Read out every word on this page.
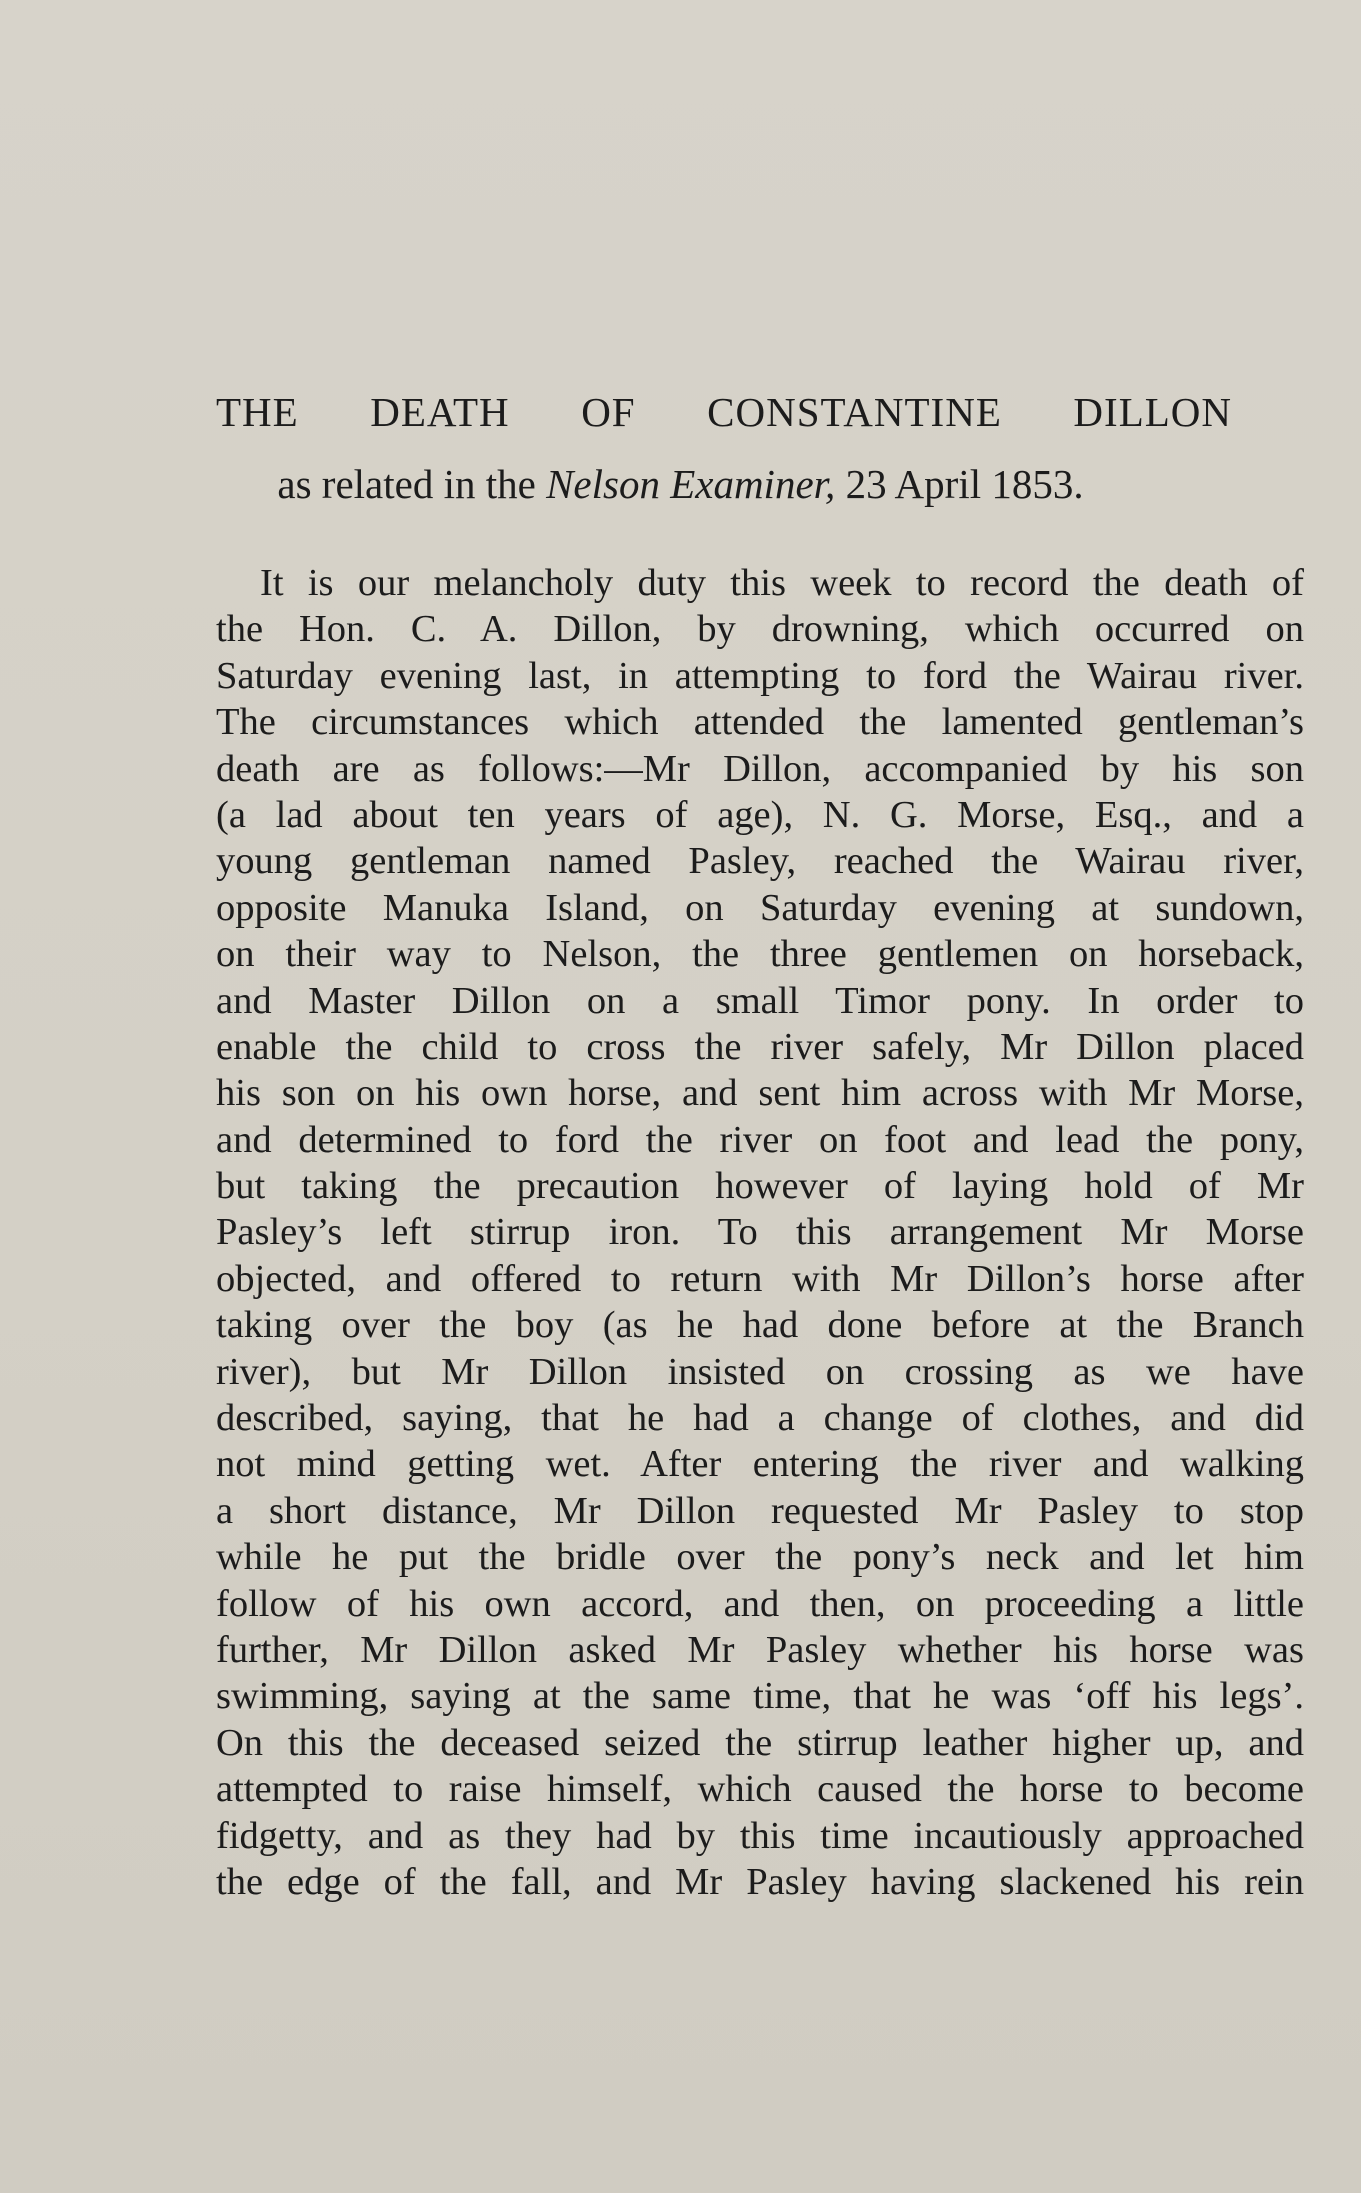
THE DEATH OF CONSTANTINE DILLON
as related in the Nelson Examiner, 23 April 1853.
It is our melancholy duty this week to record the death of
the Hon. C. A. Dillon, by drowning, which occurred on
Saturday evening last, in attempting to ford the Wairau river.
The circumstances which attended the lamented gentleman’s
death are as follows:—Mr Dillon, accompanied by his son
(a lad about ten years of age), N. G. Morse, Esq., and a
young gentleman named Pasley, reached the Wairau river,
opposite Manuka Island, on Saturday evening at sundown,
on their way to Nelson, the three gentlemen on horseback,
and Master Dillon on a small Timor pony. In order to
enable the child to cross the river safely, Mr Dillon placed
his son on his own horse, and sent him across with Mr Morse,
and determined to ford the river on foot and lead the pony,
but taking the precaution however of laying hold of Mr
Pasley’s left stirrup iron. To this arrangement Mr Morse
objected, and offered to return with Mr Dillon’s horse after
taking over the boy (as he had done before at the Branch
river), but Mr Dillon insisted on crossing as we have
described, saying, that he had a change of clothes, and did
not mind getting wet. After entering the river and walking
a short distance, Mr Dillon requested Mr Pasley to stop
while he put the bridle over the pony’s neck and let him
follow of his own accord, and then, on proceeding a little
further, Mr Dillon asked Mr Pasley whether his horse was
swimming, saying at the same time, that he was ‘off his legs’.
On this the deceased seized the stirrup leather higher up, and
attempted to raise himself, which caused the horse to become
fidgetty, and as they had by this time incautiously approached
the edge of the fall, and Mr Pasley having slackened his rein
